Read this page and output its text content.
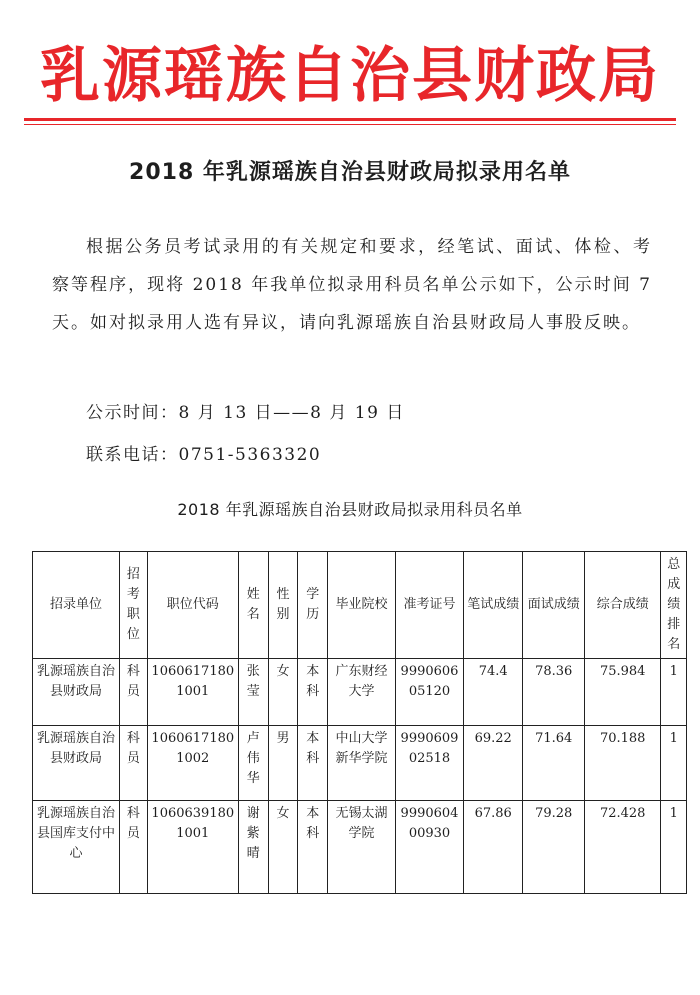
乳源瑶族自治县财政局
2018 年乳源瑶族自治县财政局拟录用名单
根据公务员考试录用的有关规定和要求，经笔试、面试、体检、考察等程序，现将 2018 年我单位拟录用科员名单公示如下，公示时间 7 天。如对拟录用人选有异议，请向乳源瑶族自治县财政局人事股反映。
公示时间：8 月 13 日——8 月 19 日
联系电话：0751-5363320
2018 年乳源瑶族自治县财政局拟录用科员名单
招录单位	招考职位	职位代码	姓名	性别	学历	毕业院校	准考证号	笔试成绩	面试成绩	综合成绩	总成绩排名
乳源瑶族自治县财政局	科员	10606171801001	张莹	女	本科	广东财经大学	999060605120	74.4	78.36	75.984	1
乳源瑶族自治县财政局	科员	10606171801002	卢伟华	男	本科	中山大学新华学院	999060902518	69.22	71.64	70.188	1
乳源瑶族自治县国库支付中心	科员	10606391801001	谢紫晴	女	本科	无锡太湖学院	999060400930	67.86	79.28	72.428	1
